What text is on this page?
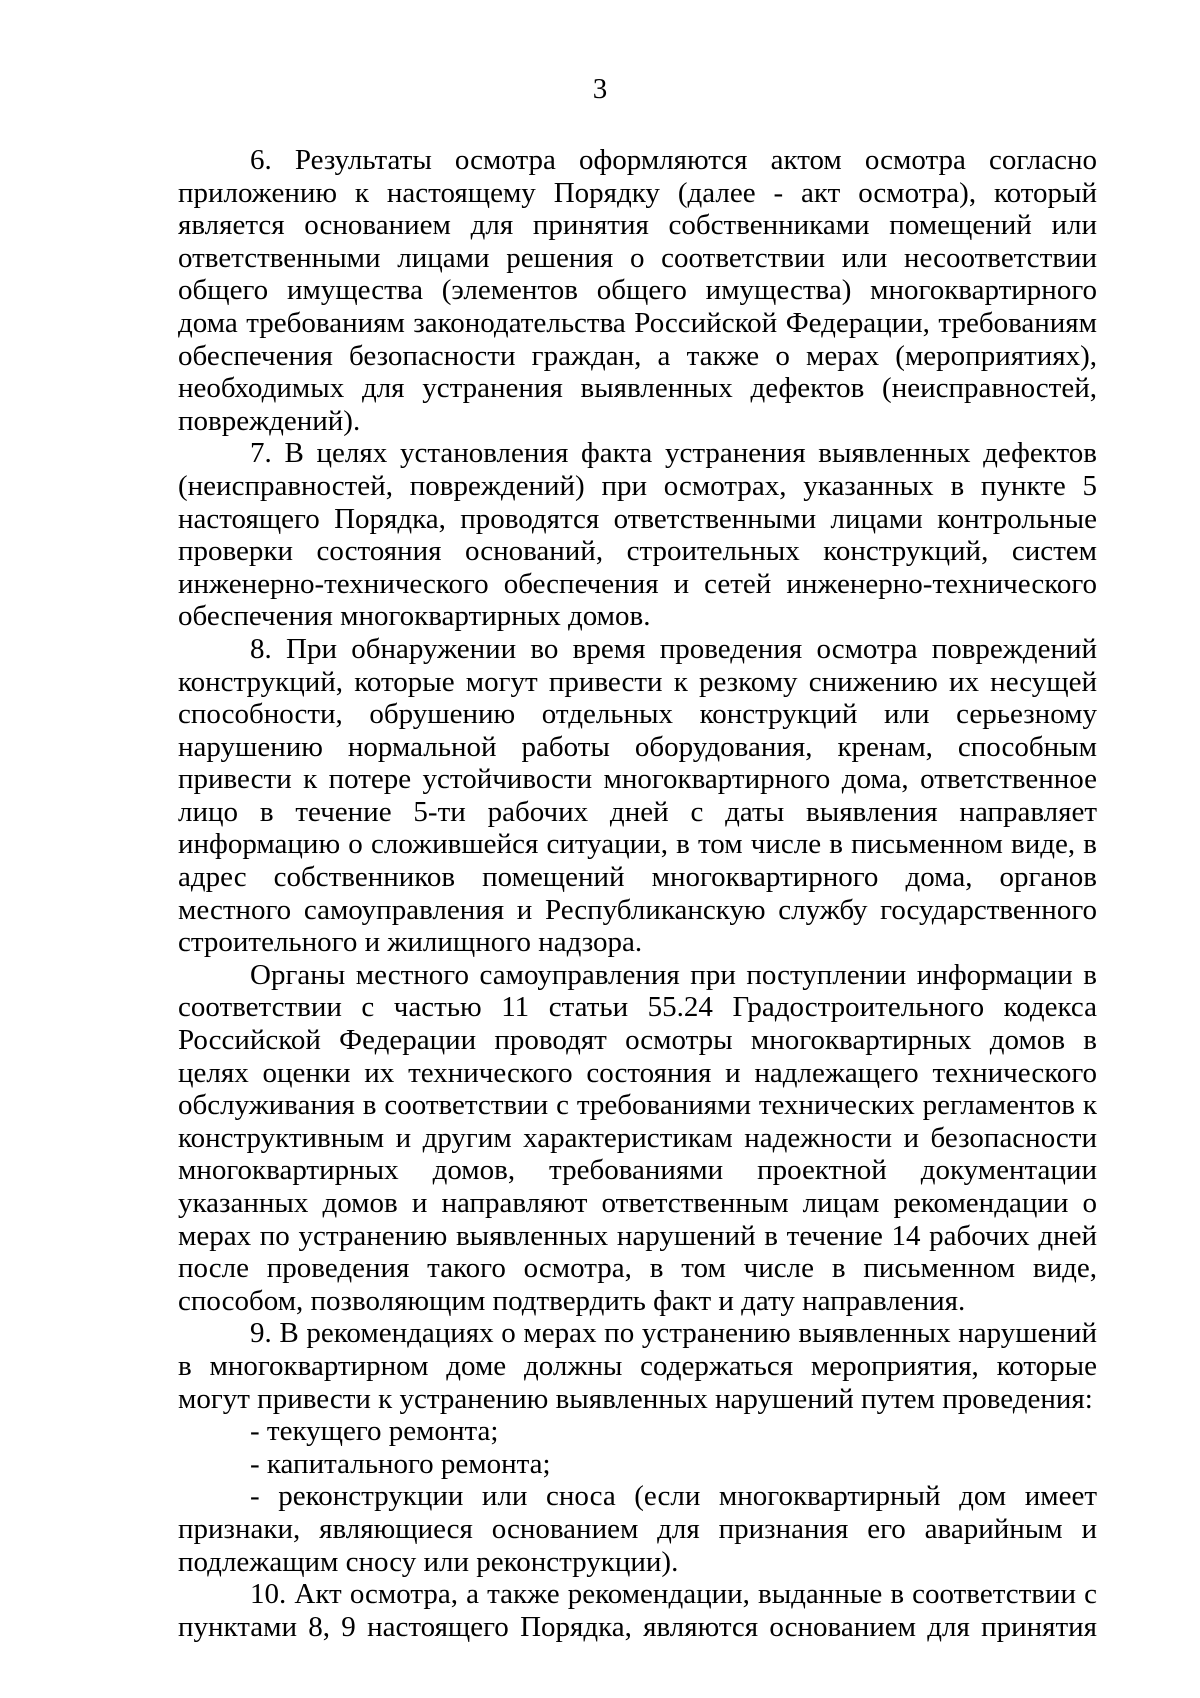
3

6. Результаты осмотра оформляются актом осмотра согласно приложению к настоящему Порядку (далее - акт осмотра), который является основанием для принятия собственниками помещений или ответственными лицами решения о соответствии или несоответствии общего имущества (элементов общего имущества) многоквартирного дома требованиям законодательства Российской Федерации, требованиям обеспечения безопасности граждан, а также о мерах (мероприятиях), необходимых для устранения выявленных дефектов (неисправностей, повреждений).

7. В целях установления факта устранения выявленных дефектов (неисправностей, повреждений) при осмотрах, указанных в пункте 5 настоящего Порядка, проводятся ответственными лицами контрольные проверки состояния оснований, строительных конструкций, систем инженерно-технического обеспечения и сетей инженерно-технического обеспечения многоквартирных домов.

8. При обнаружении во время проведения осмотра повреждений конструкций, которые могут привести к резкому снижению их несущей способности, обрушению отдельных конструкций или серьезному нарушению нормальной работы оборудования, кренам, способным привести к потере устойчивости многоквартирного дома, ответственное лицо в течение 5-ти рабочих дней с даты выявления направляет информацию о сложившейся ситуации, в том числе в письменном виде, в адрес собственников помещений многоквартирного дома, органов местного самоуправления и Республиканскую службу государственного строительного и жилищного надзора.

Органы местного самоуправления при поступлении информации в соответствии с частью 11 статьи 55.24 Градостроительного кодекса Российской Федерации проводят осмотры многоквартирных домов в целях оценки их технического состояния и надлежащего технического обслуживания в соответствии с требованиями технических регламентов к конструктивным и другим характеристикам надежности и безопасности многоквартирных домов, требованиями проектной документации указанных домов и направляют ответственным лицам рекомендации о мерах по устранению выявленных нарушений в течение 14 рабочих дней после проведения такого осмотра, в том числе в письменном виде, способом, позволяющим подтвердить факт и дату направления.

9. В рекомендациях о мерах по устранению выявленных нарушений в многоквартирном доме должны содержаться мероприятия, которые могут привести к устранению выявленных нарушений путем проведения:

- текущего ремонта;

- капитального ремонта;

- реконструкции или сноса (если многоквартирный дом имеет признаки, являющиеся основанием для признания его аварийным и подлежащим сносу или реконструкции).

10. Акт осмотра, а также рекомендации, выданные в соответствии с пунктами 8, 9 настоящего Порядка, являются основанием для принятия
